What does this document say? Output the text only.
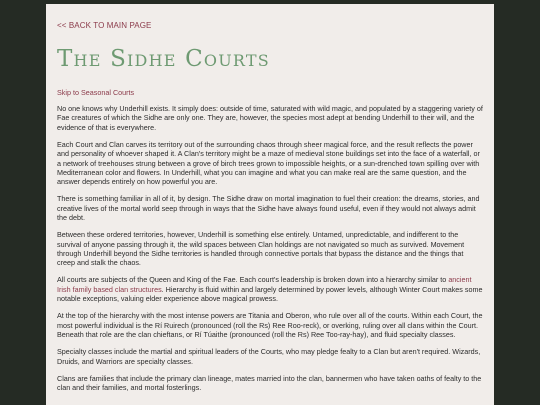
<< BACK TO MAIN PAGE
The Sidhe Courts
Skip to Seasonal Courts

No one knows why Underhill exists. It simply does: outside of time, saturated with wild magic, and populated by a staggering variety of Fae creatures of which the Sidhe are only one. They are, however, the species most adept at bending Underhill to their will, and the evidence of that is everywhere.

Each Court and Clan carves its territory out of the surrounding chaos through sheer magical force, and the result reflects the power and personality of whoever shaped it. A Clan's territory might be a maze of medieval stone buildings set into the face of a waterfall, or a network of treehouses strung between a grove of birch trees grown to impossible heights, or a sun-drenched town spilling over with Mediterranean color and flowers. In Underhill, what you can imagine and what you can make real are the same question, and the answer depends entirely on how powerful you are.

There is something familiar in all of it, by design. The Sidhe draw on mortal imagination to fuel their creation: the dreams, stories, and creative lives of the mortal world seep through in ways that the Sidhe have always found useful, even if they would not always admit the debt.

Between these ordered territories, however, Underhill is something else entirely. Untamed, unpredictable, and indifferent to the survival of anyone passing through it, the wild spaces between Clan holdings are not navigated so much as survived. Movement through Underhill beyond the Sidhe territories is handled through connective portals that bypass the distance and the things that creep and stalk the chaos.

All courts are subjects of the Queen and King of the Fae. Each court's leadership is broken down into a hierarchy similar to ancient Irish family based clan structures. Hierarchy is fluid within and largely determined by power levels, although Winter Court makes some notable exceptions, valuing elder experience above magical prowess.

At the top of the hierarchy with the most intense powers are Titania and Oberon, who rule over all of the courts. Within each Court, the most powerful individual is the Rí Ruirech (pronounced (roll the Rs) Ree Roo-reck), or overking, ruling over all clans within the Court. Beneath that role are the clan chieftans, or Rí Túaithe (pronounced (roll the Rs) Ree Too-ray-hay), and fluid specialty classes.

Specialty classes include the martial and spiritual leaders of the Courts, who may pledge fealty to a Clan but aren't required. Wizards, Druids, and Warriors are specialty classes.

Clans are families that include the primary clan lineage, mates married into the clan, bannermen who have taken oaths of fealty to the clan and their families, and mortal fosterlings.
